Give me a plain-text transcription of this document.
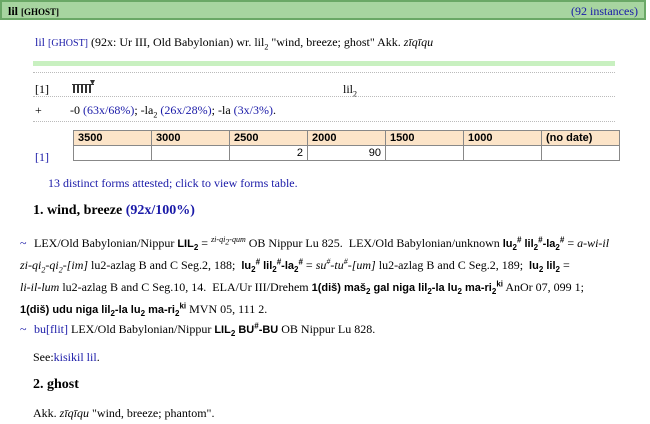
lil [GHOST]	(92 instances)
lil [GHOST] (92x: Ur III, Old Babylonian) wr. lil$_2$ "wind, breeze; ghost" Akk. zīqīqu
[1]	lil$_2$
+ -0 (63x/68%); $-la_2$ (26x/28%); -la (3x/3%).
3500	3000	2500	2000	1500	1000	(no date)
		2	90			
[1]
13 distinct forms attested; click to view forms table.
1. wind, breeze (92x/100%)
~ LEX/Old Babylonian/Nippur $LIL_2 = ^{zi-qi_2-qum}$ OB Nippur Lu 825.  LEX/Old Babylonian/unknown $lu_2^{\#}$ $lil_2^{\#}-la_2^{\#} = a-wi-il$
$zi-qi_2-qi_2-[im]$ lu2-azlag B and C Seg.2, 188;  $lu_2^{\#}$ $lil_2^{\#}-la_2^{\#} = su^{\#}-tu^{\#}-[um]$ lu2-azlag B and C Seg.2, 189;  $lu_2$ lil$_2$ =
li-il-lum lu2-azlag B and C Seg.10, 14.  ELA/Ur III/Drehem 1(diš) maš$_2$ gal niga lil$_2$-la $lu_2$ $ma-ri_2^{ki}$ AnOr 07, 099 1;
1(diš) udu niga lil$_2$-la $lu_2$ $ma-ri_2^{ki}$ MVN 05, 111 2.
~ bu[flit] LEX/Old Babylonian/Nippur $LIL_2$ BU#-BU OB Nippur Lu 828.
See:kisikil lil.
2. ghost
Akk. zīqīqu "wind, breeze; phantom".
